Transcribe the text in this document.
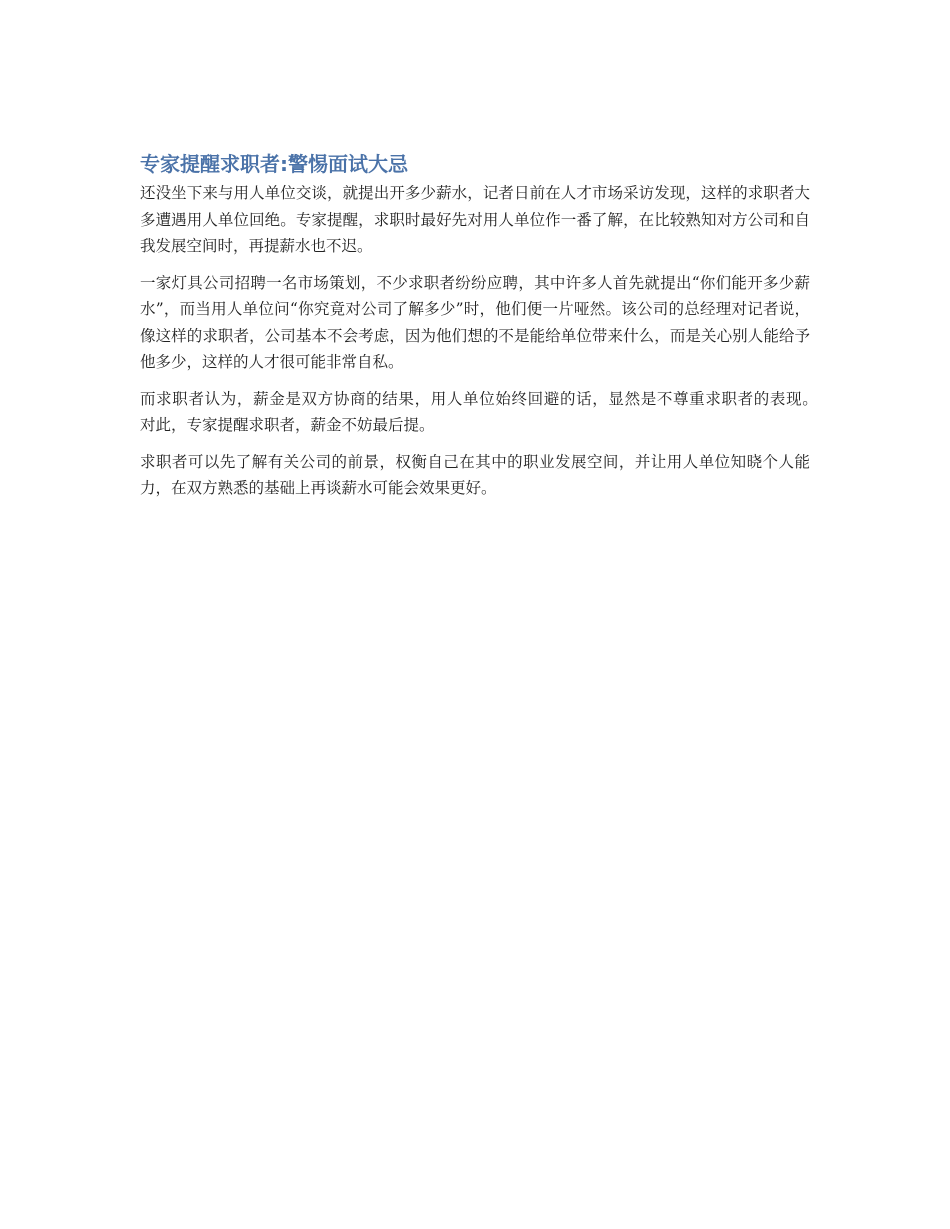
专家提醒求职者:警惕面试大忌

还没坐下来与用人单位交谈，就提出开多少薪水，记者日前在人才市场采访发现，这样的求职者大多遭遇用人单位回绝。专家提醒，求职时最好先对用人单位作一番了解，在比较熟知对方公司和自我发展空间时，再提薪水也不迟。

一家灯具公司招聘一名市场策划，不少求职者纷纷应聘，其中许多人首先就提出“你们能开多少薪水”，而当用人单位问“你究竟对公司了解多少”时，他们便一片哑然。该公司的总经理对记者说，像这样的求职者，公司基本不会考虑，因为他们想的不是能给单位带来什么，而是关心别人能给予他多少，这样的人才很可能非常自私。

而求职者认为，薪金是双方协商的结果，用人单位始终回避的话，显然是不尊重求职者的表现。　　对此，专家提醒求职者，薪金不妨最后提。

求职者可以先了解有关公司的前景，权衡自己在其中的职业发展空间，并让用人单位知晓个人能力，在双方熟悉的基础上再谈薪水可能会效果更好。
